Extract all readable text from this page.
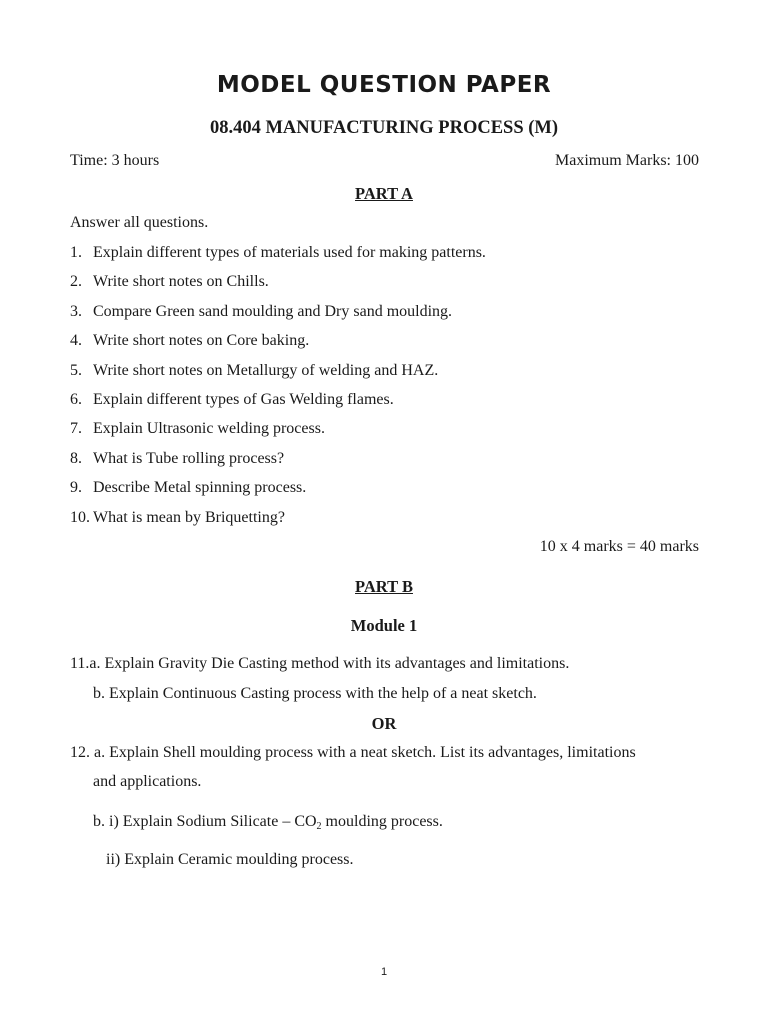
MODEL QUESTION PAPER
08.404 MANUFACTURING PROCESS (M)
Time: 3 hours	Maximum Marks: 100
PART A
Answer all questions.
1. Explain different types of materials used for making patterns.
2. Write short notes on Chills.
3. Compare Green sand moulding and Dry sand moulding.
4. Write short notes on Core baking.
5. Write short notes on Metallurgy of welding and HAZ.
6. Explain different types of Gas Welding flames.
7. Explain Ultrasonic welding process.
8. What is Tube rolling process?
9. Describe Metal spinning process.
10. What is mean by Briquetting?
10 x 4 marks = 40 marks
PART B
Module 1
11.a. Explain Gravity Die Casting method with its advantages and limitations.
b. Explain Continuous Casting process with the help of a neat sketch.
OR
12. a. Explain Shell moulding process with a neat sketch. List its advantages, limitations
and applications.
b. i) Explain Sodium Silicate – $CO_2$ moulding process.
ii) Explain Ceramic moulding process.
1
